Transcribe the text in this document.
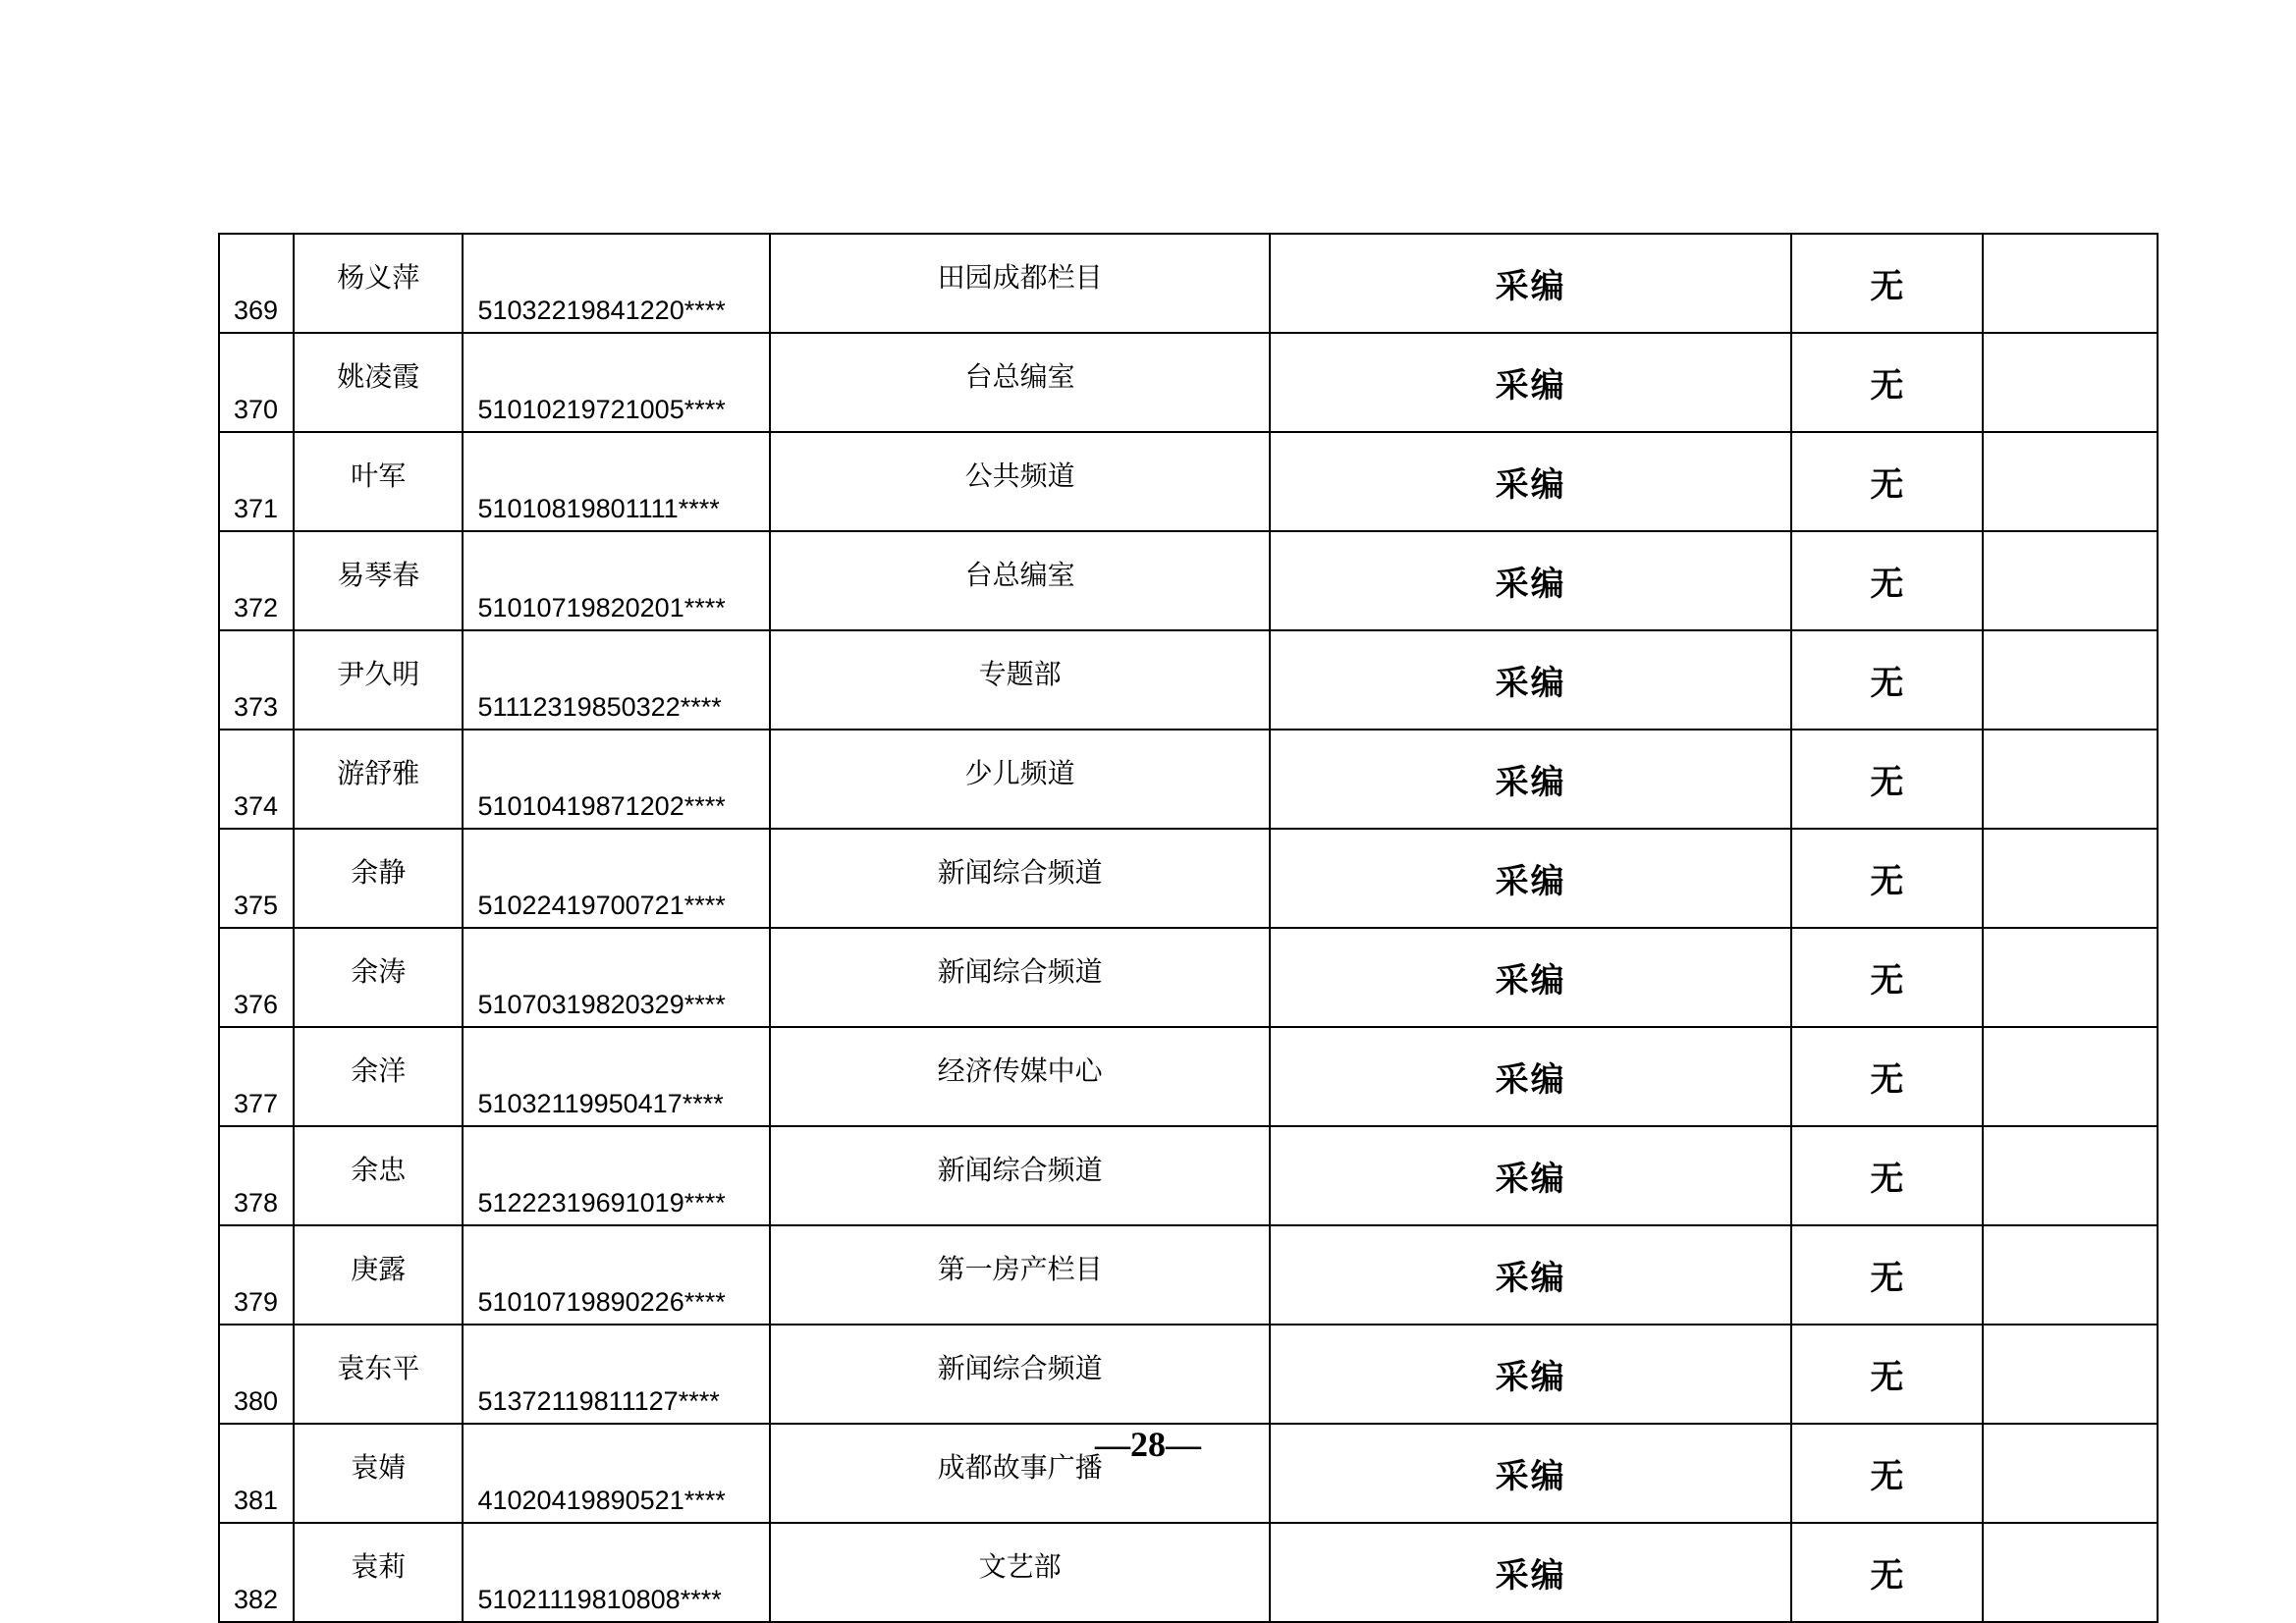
369	杨义萍	51032219841220****	田园成都栏目	采编	无	
370	姚凌霞	51010219721005****	台总编室	采编	无	
371	叶军	51010819801111****	公共频道	采编	无	
372	易琴春	51010719820201****	台总编室	采编	无	
373	尹久明	51112319850322****	专题部	采编	无	
374	游舒雅	51010419871202****	少儿频道	采编	无	
375	余静	51022419700721****	新闻综合频道	采编	无	
376	余涛	51070319820329****	新闻综合频道	采编	无	
377	余洋	51032119950417****	经济传媒中心	采编	无	
378	余忠	51222319691019****	新闻综合频道	采编	无	
379	庚露	51010719890226****	第一房产栏目	采编	无	
380	袁东平	51372119811127****	新闻综合频道	采编	无	
381	袁婧	41020419890521****	成都故事广播	采编	无	
382	袁莉	51021119810808****	文艺部	采编	无	
—28—
